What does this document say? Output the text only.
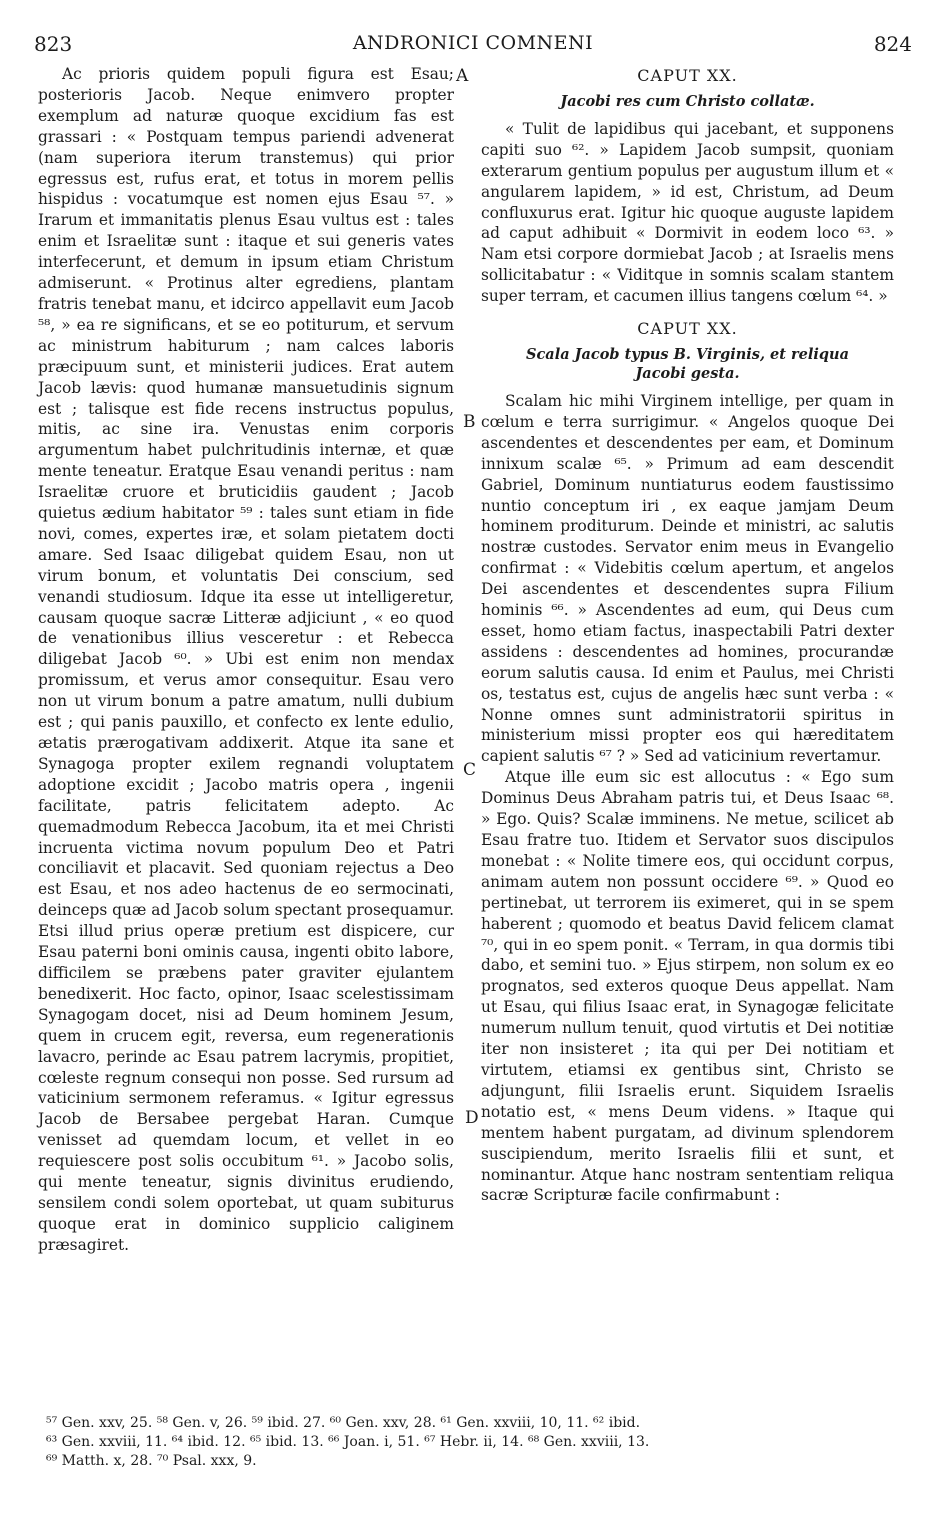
823	ANDRONICI COMNENI	824

Ac prioris quidem populi figura est Esau; posterioris Jacob. Neque enimvero propter exemplum ad naturæ quoque excidium fas est grassari : « Postquam tempus pariendi advenerat (nam superiora iterum transtemus) qui prior egressus est, rufus erat, et totus in morem pellis hispidus : vocatumque est nomen ejus Esau ⁵⁷. » Irarum et immanitatis plenus Esau vultus est : tales enim et Israelitæ sunt : itaque et sui generis vates interfecerunt, et demum in ipsum etiam Christum admiserunt. « Protinus alter egrediens, plantam fratris tenebat manu, et idcirco appellavit eum Jacob ⁵⁸, » ea re significans, et se eo potiturum, et servum ac ministrum habiturum ; nam calces laboris præcipuum sunt, et ministerii judices. Erat autem Jacob lævis: quod humanæ mansuetudinis signum est ; talisque est fide recens instructus populus, mitis, ac sine ira. Venustas enim corporis argumentum habet pulchritudinis internæ, et quæ mente teneatur. Eratque Esau venandi peritus : nam Israelitæ cruore et bruticidiis gaudent ; Jacob quietus ædium habitator ⁵⁹ : tales sunt etiam in fide novi, comes, expertes iræ, et solam pietatem docti amare. Sed Isaac diligebat quidem Esau, non ut virum bonum, et voluntatis Dei conscium, sed venandi studiosum. Idque ita esse ut intelligeretur, causam quoque sacræ Litteræ adjiciunt , « eo quod de venationibus illius vesceretur : et Rebecca diligebat Jacob ⁶⁰. » Ubi est enim non mendax promissum, et verus amor consequitur. Esau vero non ut virum bonum a patre amatum, nulli dubium est ; qui panis pauxillo, et confecto ex lente edulio, ætatis prærogativam addixerit. Atque ita sane et Synagoga propter exilem regnandi voluptatem adoptione excidit ; Jacobo matris opera , ingenii facilitate, patris felicitatem adepto. Ac quemadmodum Rebecca Jacobum, ita et mei Christi incruenta victima novum populum Deo et Patri conciliavit et placavit. Sed quoniam rejectus a Deo est Esau, et nos adeo hactenus de eo sermocinati, deinceps quæ ad Jacob solum spectant prosequamur. Etsi illud prius operæ pretium est dispicere, cur Esau paterni boni ominis causa, ingenti obito labore, difficilem se præbens pater graviter ejulantem benedixerit. Hoc facto, opinor, Isaac scelestissimam Synagogam docet, nisi ad Deum hominem Jesum, quem in crucem egit, reversa, eum regenerationis lavacro, perinde ac Esau patrem lacrymis, propitiet, cœleste regnum consequi non posse. Sed rursum ad vaticinium sermonem referamus. « Igitur egressus Jacob de Bersabee pergebat Haran. Cumque venisset ad quemdam locum, et vellet in eo requiescere post solis occubitum ⁶¹. » Jacobo solis, qui mente teneatur, signis divinitus erudiendo, sensilem condi solem oportebat, ut quam subiturus quoque erat in dominico supplicio caliginem præsagiret.

A
B
C
D
CAPUT XX.
Jacobi res cum Christo collatæ.

« Tulit de lapidibus qui jacebant, et supponens capiti suo ⁶². » Lapidem Jacob sumpsit, quoniam exterarum gentium populus per augustum illum et « angularem lapidem, » id est, Christum, ad Deum confluxurus erat. Igitur hic quoque auguste lapidem ad caput adhibuit « Dormivit in eodem loco ⁶³. » Nam etsi corpore dormiebat Jacob ; at Israelis mens sollicitabatur : « Viditque in somnis scalam stantem super terram, et cacumen illius tangens cœlum ⁶⁴. »

CAPUT XX.
Scala Jacob typus B. Virginis, et reliqua
Jacobi gesta.

Scalam hic mihi Virginem intellige, per quam in cœlum e terra surrigimur. « Angelos quoque Dei ascendentes et descendentes per eam, et Dominum innixum scalæ ⁶⁵. » Primum ad eam descendit Gabriel, Dominum nuntiaturus eodem faustissimo nuntio conceptum iri , ex eaque jamjam Deum hominem proditurum. Deinde et ministri, ac salutis nostræ custodes. Servator enim meus in Evangelio confirmat : « Videbitis cœlum apertum, et angelos Dei ascendentes et descendentes supra Filium hominis ⁶⁶. » Ascendentes ad eum, qui Deus cum esset, homo etiam factus, inaspectabili Patri dexter assidens : descendentes ad homines, procurandæ eorum salutis causa. Id enim et Paulus, mei Christi os, testatus est, cujus de angelis hæc sunt verba : « Nonne omnes sunt administratorii spiritus in ministerium missi propter eos qui hæreditatem capient salutis ⁶⁷ ? » Sed ad vaticinium revertamur.

Atque ille eum sic est allocutus : « Ego sum Dominus Deus Abraham patris tui, et Deus Isaac ⁶⁸. » Ego. Quis? Scalæ imminens. Ne metue, scilicet ab Esau fratre tuo. Itidem et Servator suos discipulos monebat : « Nolite timere eos, qui occidunt corpus, animam autem non possunt occidere ⁶⁹. » Quod eo pertinebat, ut terrorem iis eximeret, qui in se spem haberent ; quomodo et beatus David felicem clamat ⁷⁰, qui in eo spem ponit. « Terram, in qua dormis tibi dabo, et semini tuo. » Ejus stirpem, non solum ex eo prognatos, sed exteros quoque Deus appellat. Nam ut Esau, qui filius Isaac erat, in Synagogæ felicitate numerum nullum tenuit, quod virtutis et Dei notitiæ iter non insisteret ; ita qui per Dei notitiam et virtutem, etiamsi ex gentibus sint, Christo se adjungunt, filii Israelis erunt. Siquidem Israelis notatio est, « mens Deum videns. » Itaque qui mentem habent purgatam, ad divinum splendorem suscipiendum, merito Israelis filii et sunt, et nominantur. Atque hanc nostram sententiam reliqua sacræ Scripturæ facile confirmabunt :

⁵⁷ Gen. xxv, 25. ⁵⁸ Gen. v, 26. ⁵⁹ ibid. 27. ⁶⁰ Gen. xxv, 28. ⁶¹ Gen. xxviii, 10, 11. ⁶² ibid.
⁶³ Gen. xxviii, 11. ⁶⁴ ibid. 12. ⁶⁵ ibid. 13. ⁶⁶ Joan. i, 51. ⁶⁷ Hebr. ii, 14. ⁶⁸ Gen. xxviii, 13.
⁶⁹ Matth. x, 28. ⁷⁰ Psal. xxx, 9.
